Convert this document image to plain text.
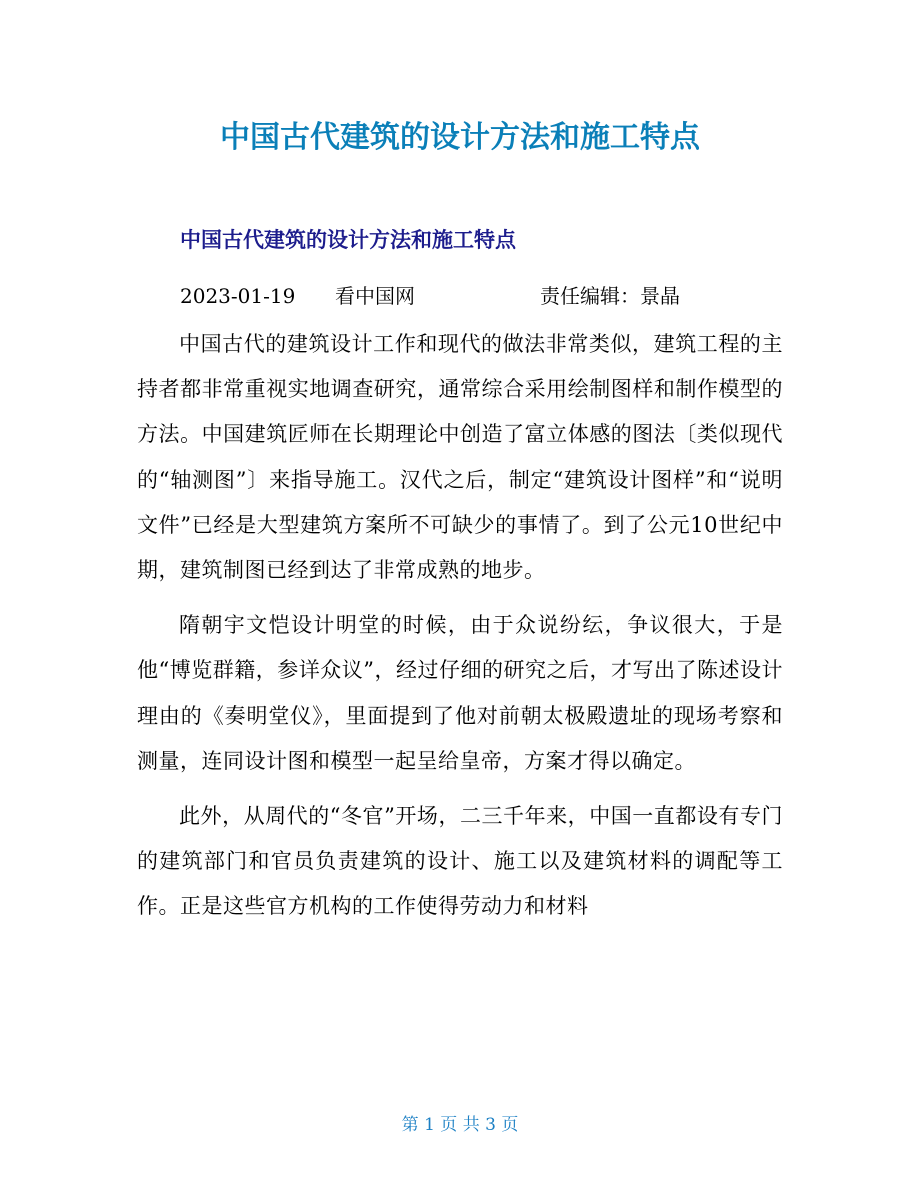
中国古代建筑的设计方法和施工特点
中国古代建筑的设计方法和施工特点
2023-01-19 看中国网	责任编辑：景晶

中国古代的建筑设计工作和现代的做法非常类似，建筑工程的主持者都非常重视实地调查研究，通常综合采用绘制图样和制作模型的方法。中国建筑匠师在长期理论中创造了富立体感的图法〔类似现代的“轴测图”〕来指导施工。汉代之后，制定“建筑设计图样”和“说明文件”已经是大型建筑方案所不可缺少的事情了。到了公元10世纪中期，建筑制图已经到达了非常成熟的地步。

隋朝宇文恺设计明堂的时候，由于众说纷纭，争议很大，于是他“博览群籍，参详众议”，经过仔细的研究之后，才写出了陈述设计理由的《奏明堂仪》，里面提到了他对前朝太极殿遗址的现场考察和测量，连同设计图和模型一起呈给皇帝，方案才得以确定。

此外，从周代的“冬官”开场，二三千年来，中国一直都设有专门的建筑部门和官员负责建筑的设计、施工以及建筑材料的调配等工作。正是这些官方机构的工作使得劳动力和材料

第 1 页 共 3 页
